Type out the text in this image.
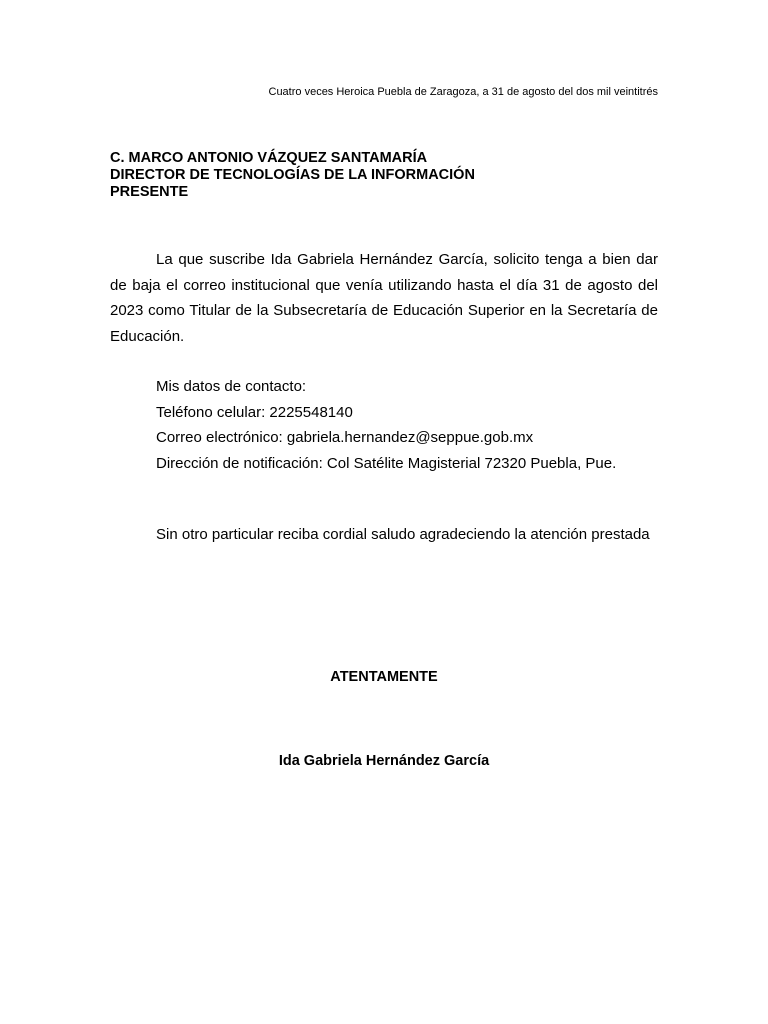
Cuatro veces Heroica Puebla de Zaragoza, a 31 de agosto del dos mil veintitrés
C. MARCO ANTONIO VÁZQUEZ SANTAMARÍA
DIRECTOR DE TECNOLOGÍAS DE LA INFORMACIÓN
PRESENTE

La que suscribe Ida Gabriela Hernández García, solicito tenga a bien dar de baja el correo institucional que venía utilizando hasta el día 31 de agosto del 2023 como Titular de la Subsecretaría de Educación Superior en la Secretaría de Educación.

Mis datos de contacto:
Teléfono celular: 2225548140
Correo electrónico: gabriela.hernandez@seppue.gob.mx
Dirección de notificación: Col Satélite Magisterial 72320 Puebla, Pue.
Sin otro particular reciba cordial saludo agradeciendo la atención prestada
ATENTAMENTE
Ida Gabriela Hernández García
